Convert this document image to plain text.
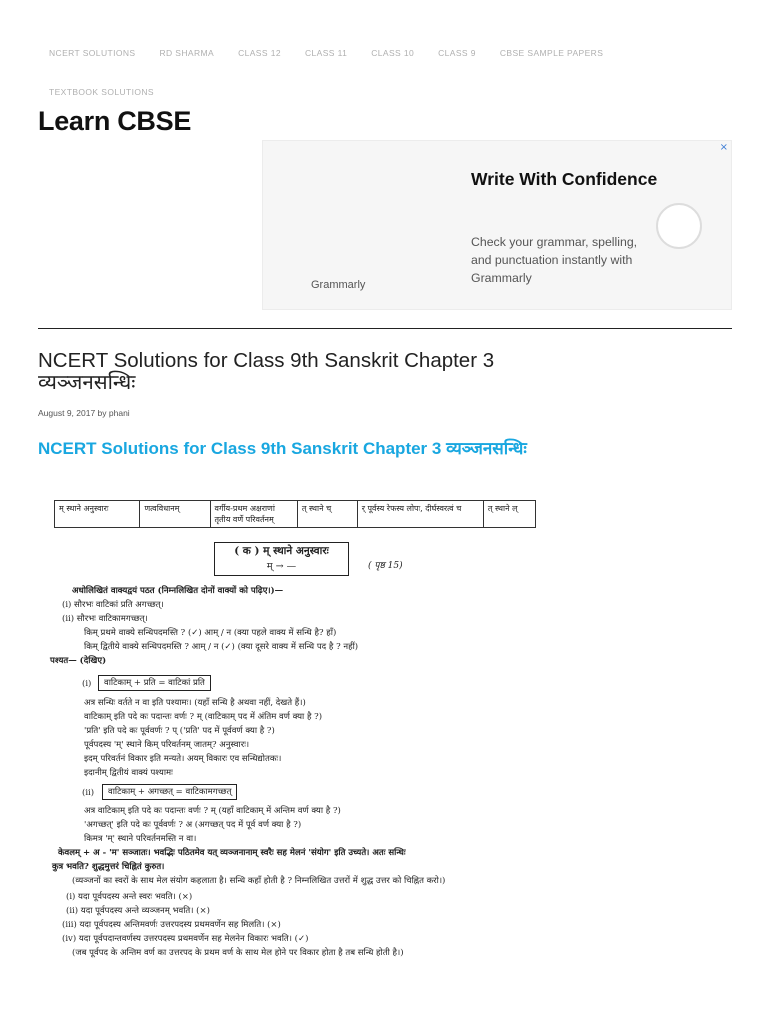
NCERT SOLUTIONS	RD SHARMA	CLASS 12	CLASS 11	CLASS 10	CLASS 9	CBSE SAMPLE PAPERS
TEXTBOOK SOLUTIONS
Learn CBSE
×
Write With Confidence
Check your grammar, spelling, and punctuation instantly with Grammarly
Grammarly
NCERT Solutions for Class 9th Sanskrit Chapter 3 व्यञ्जनसन्धिः
August 9, 2017 by phani
NCERT Solutions for Class 9th Sanskrit Chapter 3 व्यञ्जनसन्धिः
म् स्थाने अनुस्वारः	णत्वविधानम्	वर्गीय-प्रथम अक्षराणां तृतीय वर्णे परिवर्तनम्	त् स्थाने च्	र् पूर्वस्य रेफस्य लोपः, दीर्घस्वरत्वं च	त् स्थाने ल्
( क ) म् स्थाने अनुस्वारः
म् → —	( पृष्ठ 15)
अधोलिखितं वाक्यद्वयं पठत (निम्नलिखित दोनों वाक्यों को पढ़िए।)—
(i) सौरभः वाटिकां प्रति अगच्छत्।
(ii) सौरभः वाटिकामगच्छत्।
किम् प्रथमे वाक्ये सन्धिपदमस्ति ? (✓) आम् / न (क्या पहले वाक्य में सन्धि है? हाँ)
किम् द्वितीये वाक्ये सन्धिपदमस्ति ? आम् / न (✓) (क्या दूसरे वाक्य में सन्धि पद है ? नहीं)
पश्यत— (देखिए)
(i)	वाटिकाम् + प्रति = वाटिकां प्रति
अत्र सन्धिः वर्तते न वा इति पश्यामः। (यहाँ सन्धि है अथवा नहीं, देखते हैं।)
वाटिकाम् इति पदे कः पदान्तः वर्णः ? म् (वाटिकाम् पद में अंतिम वर्ण क्या है ?)
'प्रति' इति पदे कः पूर्ववर्णः ? प् ('प्रति' पद में पूर्ववर्ण क्या है ?)
पूर्वपदस्य 'म्' स्थाने किम् परिवर्तनम् जातम्? अनुस्वारः।
इदम् परिवर्तनं विकार इति मन्यते। अयम् विकारः एव सन्धिद्योतकः।
इदानीम् द्वितीयं वाक्यं पश्यामः
(ii)	वाटिकाम् + अगच्छत् = वाटिकामगच्छत्
अत्र वाटिकाम् इति पदे कः पदान्तः वर्णः ? म् (यहाँ वाटिकाम् में अन्तिम वर्ण क्या है ?)
'अगच्छत्' इति पदे कः पूर्ववर्णः ? अ (अगच्छत् पद में पूर्व वर्ण क्या है ?)
किमत्र 'म्' स्थाने परिवर्तनमस्ति न वा।
केवलम् + अ - 'म' सञ्जातः। भवद्भिः पठितमेव यत् व्यञ्जनानाम् स्वरैः सह मेलनं 'संयोग' इति उच्यते। अतः सन्धिः
कुत्र भवति? शुद्धमुत्तरं चिह्नितं कुरुत।
(व्यञ्जनों का स्वरों के साथ मेल संयोग कहलाता है। सन्धि कहाँ होती है ? निम्नलिखित उत्तरों में शुद्ध उत्तर को चिह्नित करो।)
(i) यदा पूर्वपदस्य अन्ते स्वरः भवति। (×)
(ii) यदा पूर्वपदस्य अन्ते व्यञ्जनम् भवति। (×)
(iii) यदा पूर्वपदस्य अन्तिमवर्णः उत्तरपदस्य प्रथमवर्णेन सह मिलति। (×)
(iv) यदा पूर्वपदान्तवर्णस्य उत्तरपदस्य प्रथमवर्णेन सह मेलनेन विकारः भवति। (✓)
(जब पूर्वपद के अन्तिम वर्ण का उत्तरपद के प्रथम वर्ण के साथ मेल होने पर विकार होता है तब सन्धि होती है।)
